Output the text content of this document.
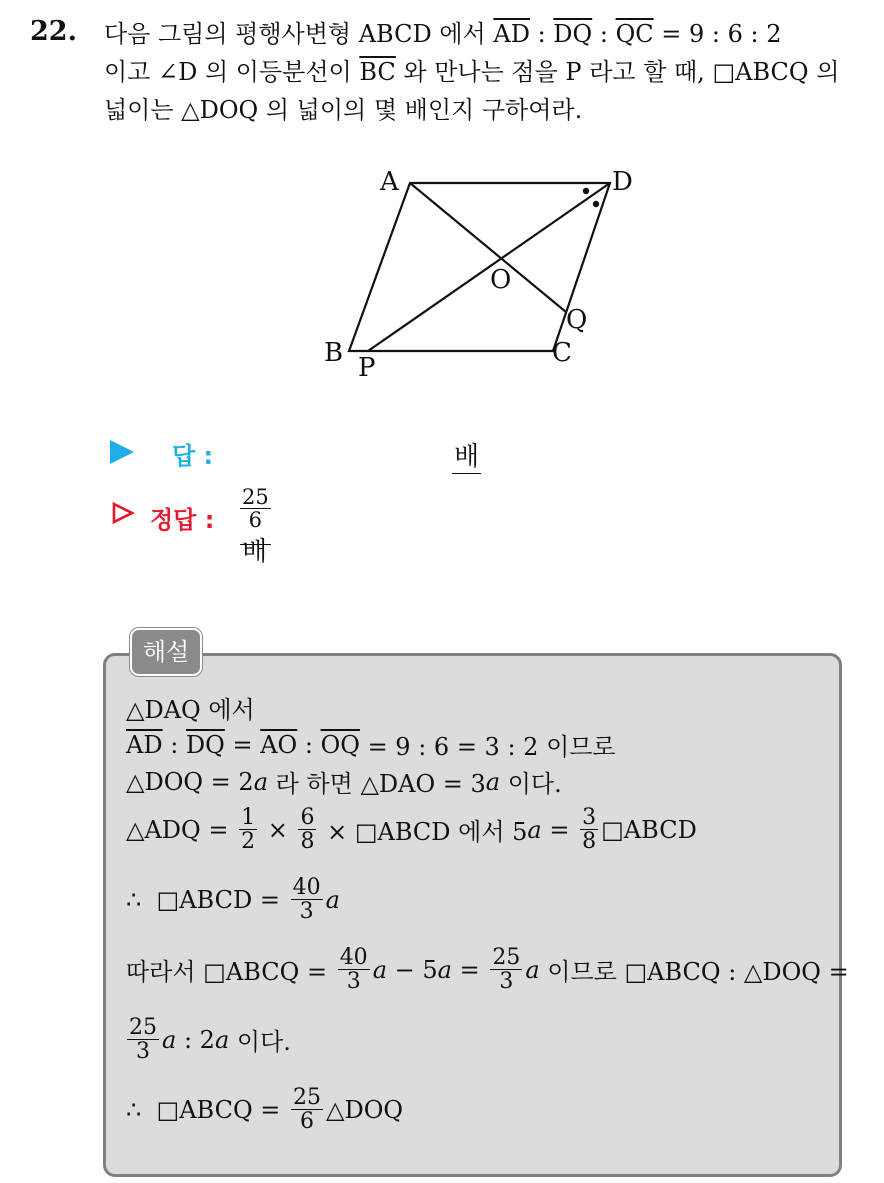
22. 다음 그림의 평행사변형 ABCD 에서 $\overline{AD}$ : $\overline{DQ}$ : $\overline{QC} = 9$ : 6 : 2

이고 ∠D 의 이등분선이 $\overline{BC}$ 와 만나는 점을 P 라고 할 때, □ABCQ 의

넓이는 △DOQ 의 넓이의 몇 배인지 구하여라.

A	D
O
Q
B	C
P
답 :	배
정답 : $\frac{25}{6}$
배
해설
△DAQ 에서
$\overline{AD}$ : $\overline{DQ} = \overline{AO}$ : $\overline{OQ} = 9$ : 6 = 3 : 2 이므로
△DOQ = 2 a 라 하면 △DAO = 3 a 이다.
△ADQ = $\frac{1}{2} \times \frac{6}{8}$ × □ABCD 에서 5 $a = \frac{3}{8}$ □ABCD
∴  □ABCD = $\frac{40}{3}$ a
따라서 □ABCQ = $\frac{40}{3}$ a − 5 $a = \frac{25}{3}$ a 이므로 □ABCQ : △DOQ =
$\frac{25}{3}$ a : 2 a 이다.
∴  □ABCQ = $\frac{25}{6}$ △DOQ
